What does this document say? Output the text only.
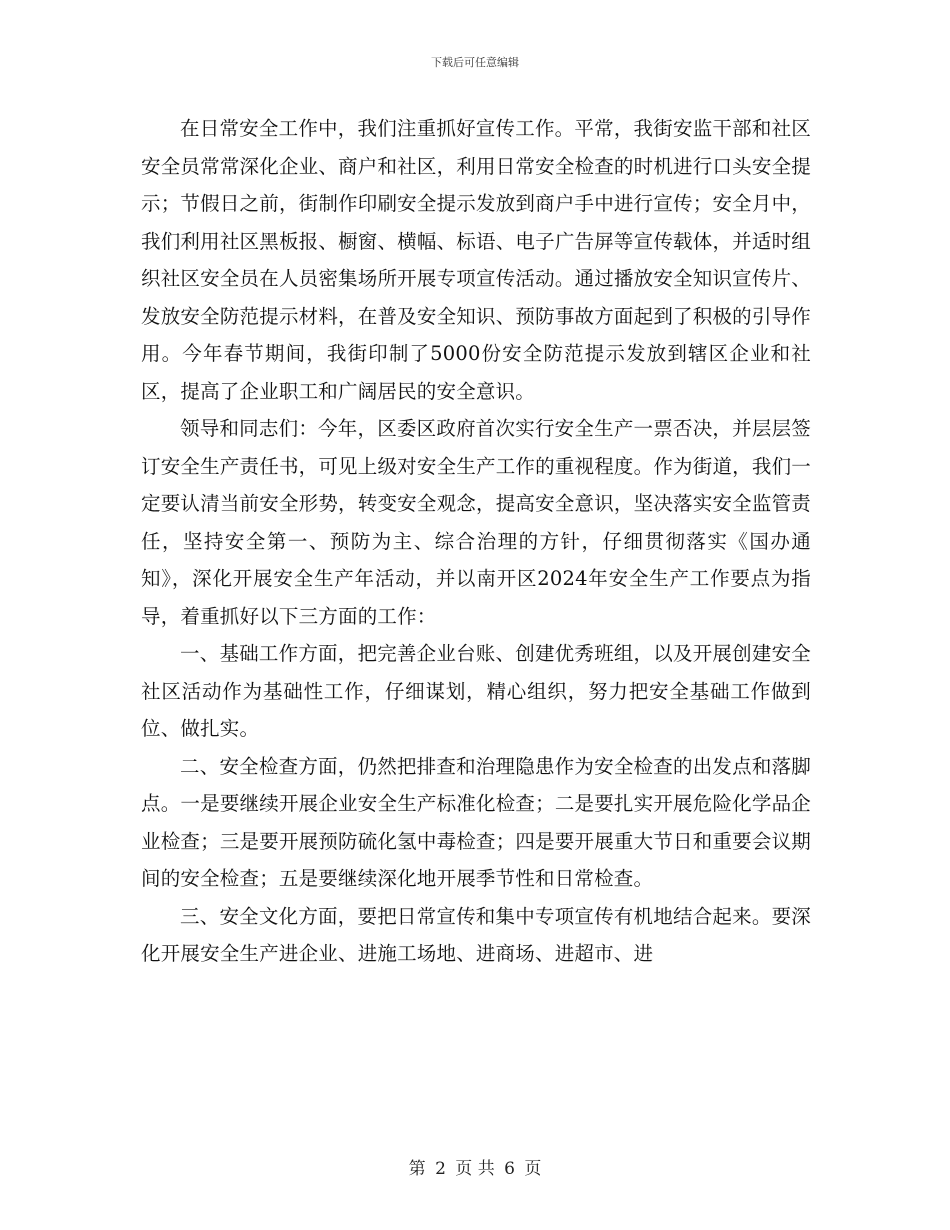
下载后可任意编辑

在日常安全工作中，我们注重抓好宣传工作。平常，我街安监干部和社区安全员常常深化企业、商户和社区，利用日常安全检查的时机进行口头安全提示；节假日之前，街制作印刷安全提示发放到商户手中进行宣传；安全月中，我们利用社区黑板报、橱窗、横幅、标语、电子广告屏等宣传载体，并适时组织社区安全员在人员密集场所开展专项宣传活动。通过播放安全知识宣传片、发放安全防范提示材料，在普及安全知识、预防事故方面起到了积极的引导作用。今年春节期间，我街印制了5000份安全防范提示发放到辖区企业和社区，提高了企业职工和广阔居民的安全意识。

领导和同志们：今年，区委区政府首次实行安全生产一票否决，并层层签订安全生产责任书，可见上级对安全生产工作的重视程度。作为街道，我们一定要认清当前安全形势，转变安全观念，提高安全意识，坚决落实安全监管责任，坚持安全第一、预防为主、综合治理的方针，仔细贯彻落实《国办通知》，深化开展安全生产年活动，并以南开区2024年安全生产工作要点为指导，着重抓好以下三方面的工作：

一、基础工作方面，把完善企业台账、创建优秀班组，以及开展创建安全社区活动作为基础性工作，仔细谋划，精心组织，努力把安全基础工作做到位、做扎实。

二、安全检查方面，仍然把排查和治理隐患作为安全检查的出发点和落脚点。一是要继续开展企业安全生产标准化检查；二是要扎实开展危险化学品企业检查；三是要开展预防硫化氢中毒检查；四是要开展重大节日和重要会议期间的安全检查；五是要继续深化地开展季节性和日常检查。

三、安全文化方面，要把日常宣传和集中专项宣传有机地结合起来。要深化开展安全生产进企业、进施工场地、进商场、进超市、进

第 2 页 共 6 页
